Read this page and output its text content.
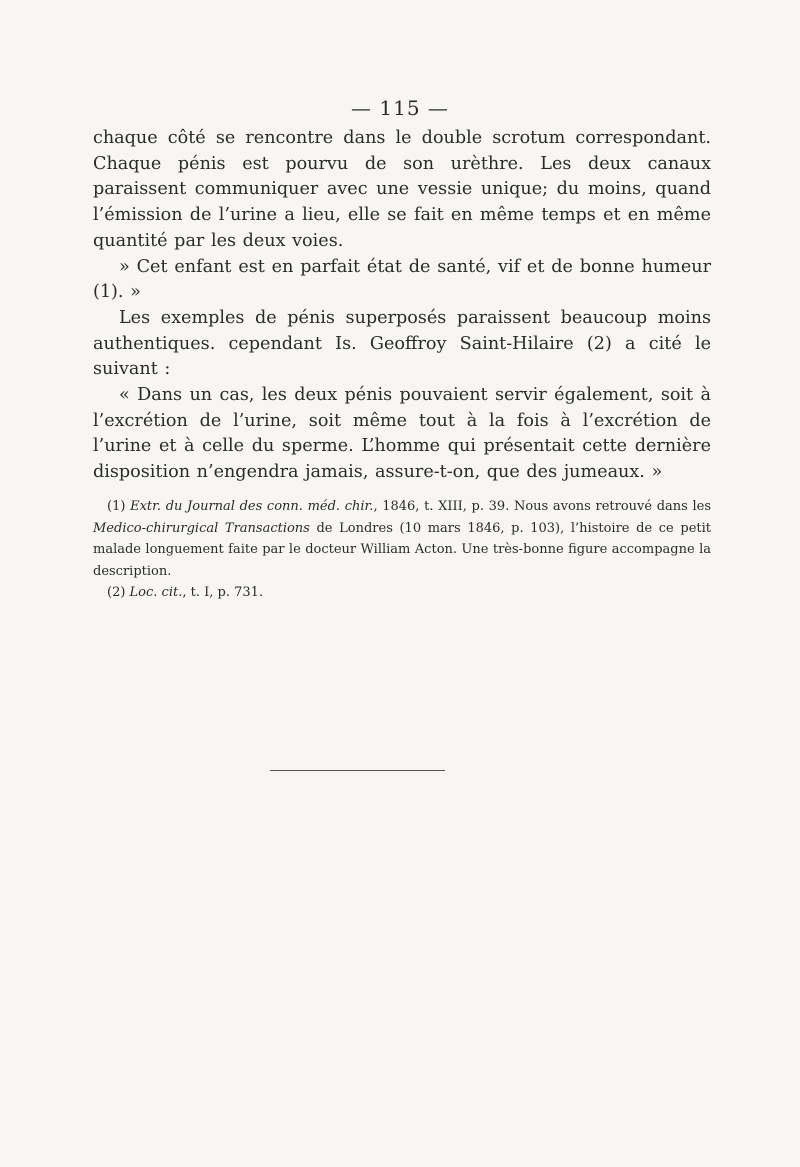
— 115 —

chaque côté se rencontre dans le double scrotum correspondant. Chaque pénis est pourvu de son urèthre. Les deux canaux paraissent communiquer avec une vessie unique; du moins, quand l’émission de l’urine a lieu, elle se fait en même temps et en même quantité par les deux voies.

» Cet enfant est en parfait état de santé, vif et de bonne humeur (1). »

Les exemples de pénis superposés paraissent beaucoup moins authentiques. cependant Is. Geoffroy Saint-Hilaire (2) a cité le suivant :

« Dans un cas, les deux pénis pouvaient servir également, soit à l’excrétion de l’urine, soit même tout à la fois à l’excrétion de l’urine et à celle du sperme. L’homme qui présentait cette dernière disposition n’engendra jamais, assure-t-on, que des jumeaux. »

(1) Extr. du Journal des conn. méd. chir., 1846, t. XIII, p. 39. Nous avons retrouvé dans les Medico-chirurgical Transactions de Londres (10 mars 1846, p. 103), l’histoire de ce petit malade longuement faite par le docteur William Acton. Une très-bonne figure accompagne la description.

(2) Loc. cit., t. I, p. 731.
